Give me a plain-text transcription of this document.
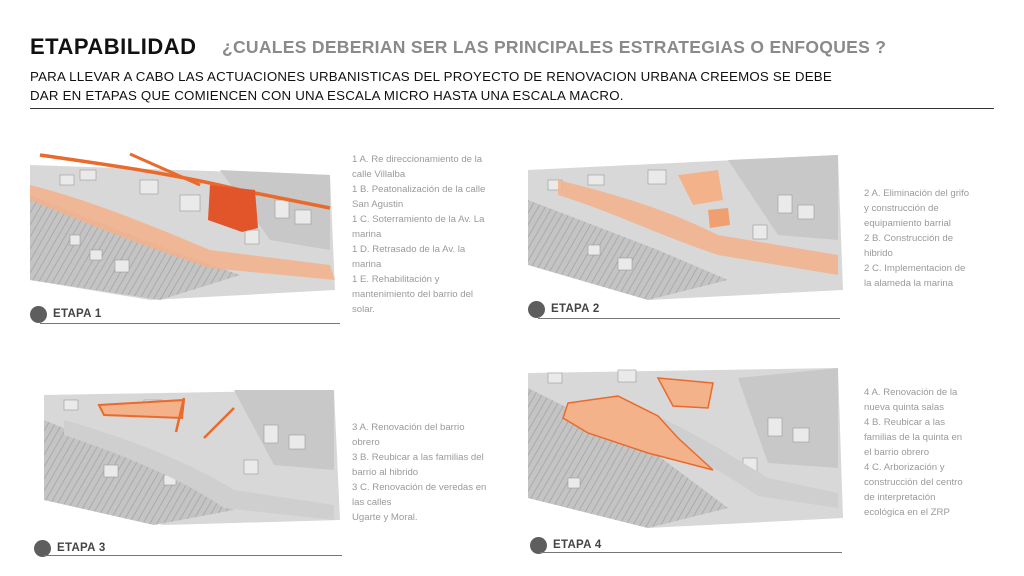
ETAPABILIDAD ¿CUALES DEBERIAN SER LAS PRINCIPALES ESTRATEGIAS O ENFOQUES ?
PARA LLEVAR A CABO LAS ACTUACIONES URBANISTICAS DEL PROYECTO DE RENOVACION URBANA CREEMOS SE DEBE
DAR EN ETAPAS QUE COMIENCEN CON UNA ESCALA MICRO HASTA UNA ESCALA MACRO.
1 A. Re direccionamiento de la
calle Villalba
1 B. Peatonalización de la calle
San Agustin
1 C. Soterramiento de la Av. La
marina
1 D. Retrasado de la Av. la
marina
1 E. Rehabilitación y
mantenimiento del barrio del
solar.
ETAPA 1
2 A. Eliminación del grifo
y construcción de
equipamiento barrial
2 B. Construcción de
hibrido
2 C. Implementacion de
la alameda la marina
ETAPA 2
3 A. Renovación del barrio
obrero
3 B. Reubicar a las familias del
barrio al hibrido
3 C. Renovación de veredas en
las calles
Ugarte y Moral.
ETAPA 3
4 A. Renovación de la
nueva quinta salas
4 B. Reubicar a las
familias de la quinta en
el barrio obrero
4 C. Arborización y
construcción del centro
de interpretación
ecológica en el ZRP
ETAPA 4
